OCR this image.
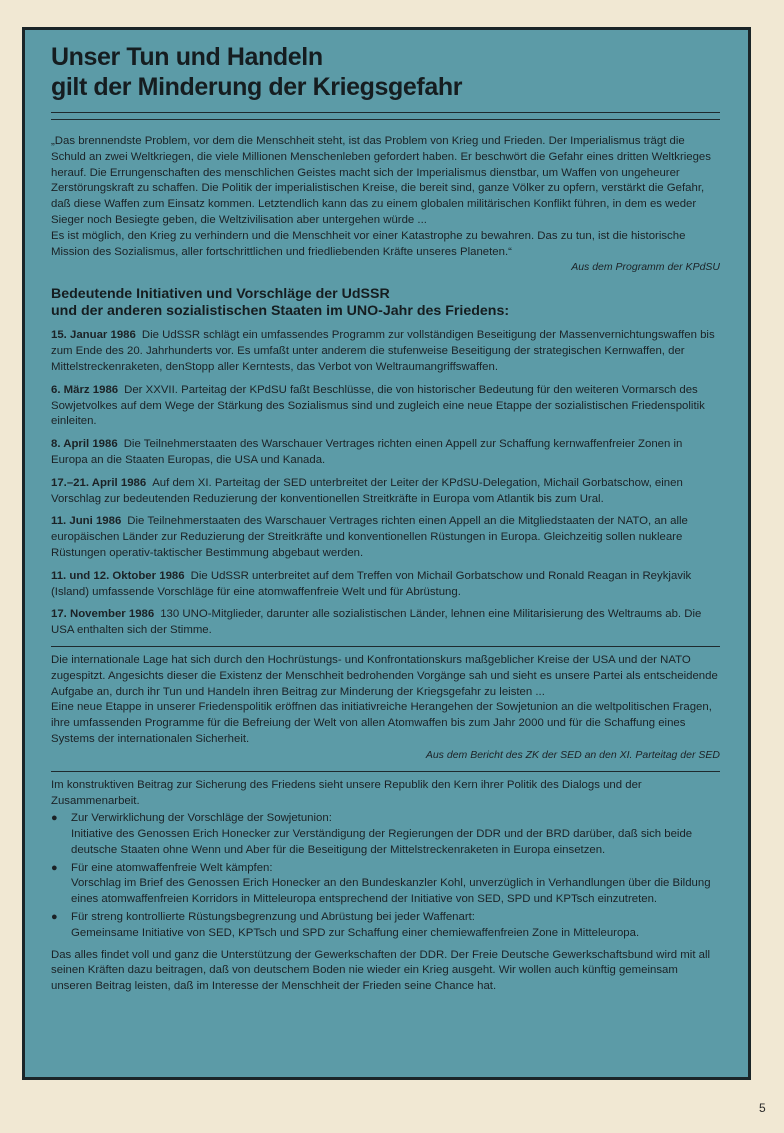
Unser Tun und Handeln
gilt der Minderung der Kriegsgefahr

„Das brennendste Problem, vor dem die Menschheit steht, ist das Problem von Krieg und Frieden. Der Imperialismus trägt die Schuld an zwei Weltkriegen, die viele Millionen Menschenleben gefordert haben. Er beschwört die Gefahr eines dritten Weltkrieges herauf. Die Errungenschaften des menschlichen Geistes macht sich der Imperialismus dienstbar, um Waffen von ungeheurer Zerstörungskraft zu schaffen. Die Politik der imperialistischen Kreise, die bereit sind, ganze Völker zu opfern, verstärkt die Gefahr, daß diese Waffen zum Einsatz kommen. Letztendlich kann das zu einem globalen militärischen Konflikt führen, in dem es weder Sieger noch Besiegte geben, die Weltzivilisation aber untergehen würde ...

Es ist möglich, den Krieg zu verhindern und die Menschheit vor einer Katastrophe zu bewahren. Das zu tun, ist die historische Mission des Sozialismus, aller fortschrittlichen und friedliebenden Kräfte unseres Planeten.“

Aus dem Programm der KPdSU
Bedeutende Initiativen und Vorschläge der UdSSR
und der anderen sozialistischen Staaten im UNO-Jahr des Friedens:

15. Januar 1986 Die UdSSR schlägt ein umfassendes Programm zur vollständigen Beseitigung der Massenvernichtungswaffen bis zum Ende des 20. Jahrhunderts vor. Es umfaßt unter anderem die stufenweise Beseitigung der strategischen Kernwaffen, der Mittelstreckenraketen, denStopp aller Kerntests, das Verbot von Weltraumangriffswaffen.

6. März 1986 Der XXVII. Parteitag der KPdSU faßt Beschlüsse, die von historischer Bedeutung für den weiteren Vormarsch des Sowjetvolkes auf dem Wege der Stärkung des Sozialismus sind und zugleich eine neue Etappe der sozialistischen Friedenspolitik einleiten.

8. April 1986 Die Teilnehmerstaaten des Warschauer Vertrages richten einen Appell zur Schaffung kernwaffenfreier Zonen in Europa an die Staaten Europas, die USA und Kanada.

17.–21. April 1986 Auf dem XI. Parteitag der SED unterbreitet der Leiter der KPdSU-Delegation, Michail Gorbatschow, einen Vorschlag zur bedeutenden Reduzierung der konventionellen Streitkräfte in Europa vom Atlantik bis zum Ural.

11. Juni 1986 Die Teilnehmerstaaten des Warschauer Vertrages richten einen Appell an die Mitgliedstaaten der NATO, an alle europäischen Länder zur Reduzierung der Streitkräfte und konventionellen Rüstungen in Europa. Gleichzeitig sollen nukleare Rüstungen operativ-taktischer Bestimmung abgebaut werden.

11. und 12. Oktober 1986 Die UdSSR unterbreitet auf dem Treffen von Michail Gorbatschow und Ronald Reagan in Reykjavik (Island) umfassende Vorschläge für eine atomwaffenfreie Welt und für Abrüstung.

17. November 1986 130 UNO-Mitglieder, darunter alle sozialistischen Länder, lehnen eine Militarisierung des Weltraums ab. Die USA enthalten sich der Stimme.

Die internationale Lage hat sich durch den Hochrüstungs- und Konfrontationskurs maßgeblicher Kreise der USA und der NATO zugespitzt. Angesichts dieser die Existenz der Menschheit bedrohenden Vorgänge sah und sieht es unsere Partei als entscheidende Aufgabe an, durch ihr Tun und Handeln ihren Beitrag zur Minderung der Kriegsgefahr zu leisten ...

Eine neue Etappe in unserer Friedenspolitik eröffnen das initiativreiche Herangehen der Sowjetunion an die weltpolitischen Fragen, ihre umfassenden Programme für die Befreiung der Welt von allen Atomwaffen bis zum Jahr 2000 und für die Schaffung eines Systems der internationalen Sicherheit.

Aus dem Bericht des ZK der SED an den XI. Parteitag der SED

Im konstruktiven Beitrag zur Sicherung des Friedens sieht unsere Republik den Kern ihrer Politik des Dialogs und der Zusammenarbeit.

●	Zur Verwirklichung der Vorschläge der Sowjetunion:
Initiative des Genossen Erich Honecker zur Verständigung der Regierungen der DDR und der BRD darüber, daß sich beide deutsche Staaten ohne Wenn und Aber für die Beseitigung der Mittelstreckenraketen in Europa einsetzen.
●	Für eine atomwaffenfreie Welt kämpfen:
Vorschlag im Brief des Genossen Erich Honecker an den Bundeskanzler Kohl, unverzüglich in Verhandlungen über die Bildung eines atomwaffenfreien Korridors in Mitteleuropa entsprechend der Initiative von SED, SPD und KPTsch einzutreten.
●	Für streng kontrollierte Rüstungsbegrenzung und Abrüstung bei jeder Waffenart:
Gemeinsame Initiative von SED, KPTsch und SPD zur Schaffung einer chemiewaffenfreien Zone in Mitteleuropa.

Das alles findet voll und ganz die Unterstützung der Gewerkschaften der DDR. Der Freie Deutsche Gewerkschaftsbund wird mit all seinen Kräften dazu beitragen, daß von deutschem Boden nie wieder ein Krieg ausgeht. Wir wollen auch künftig gemeinsam unseren Beitrag leisten, daß im Interesse der Menschheit der Frieden seine Chance hat.

5
